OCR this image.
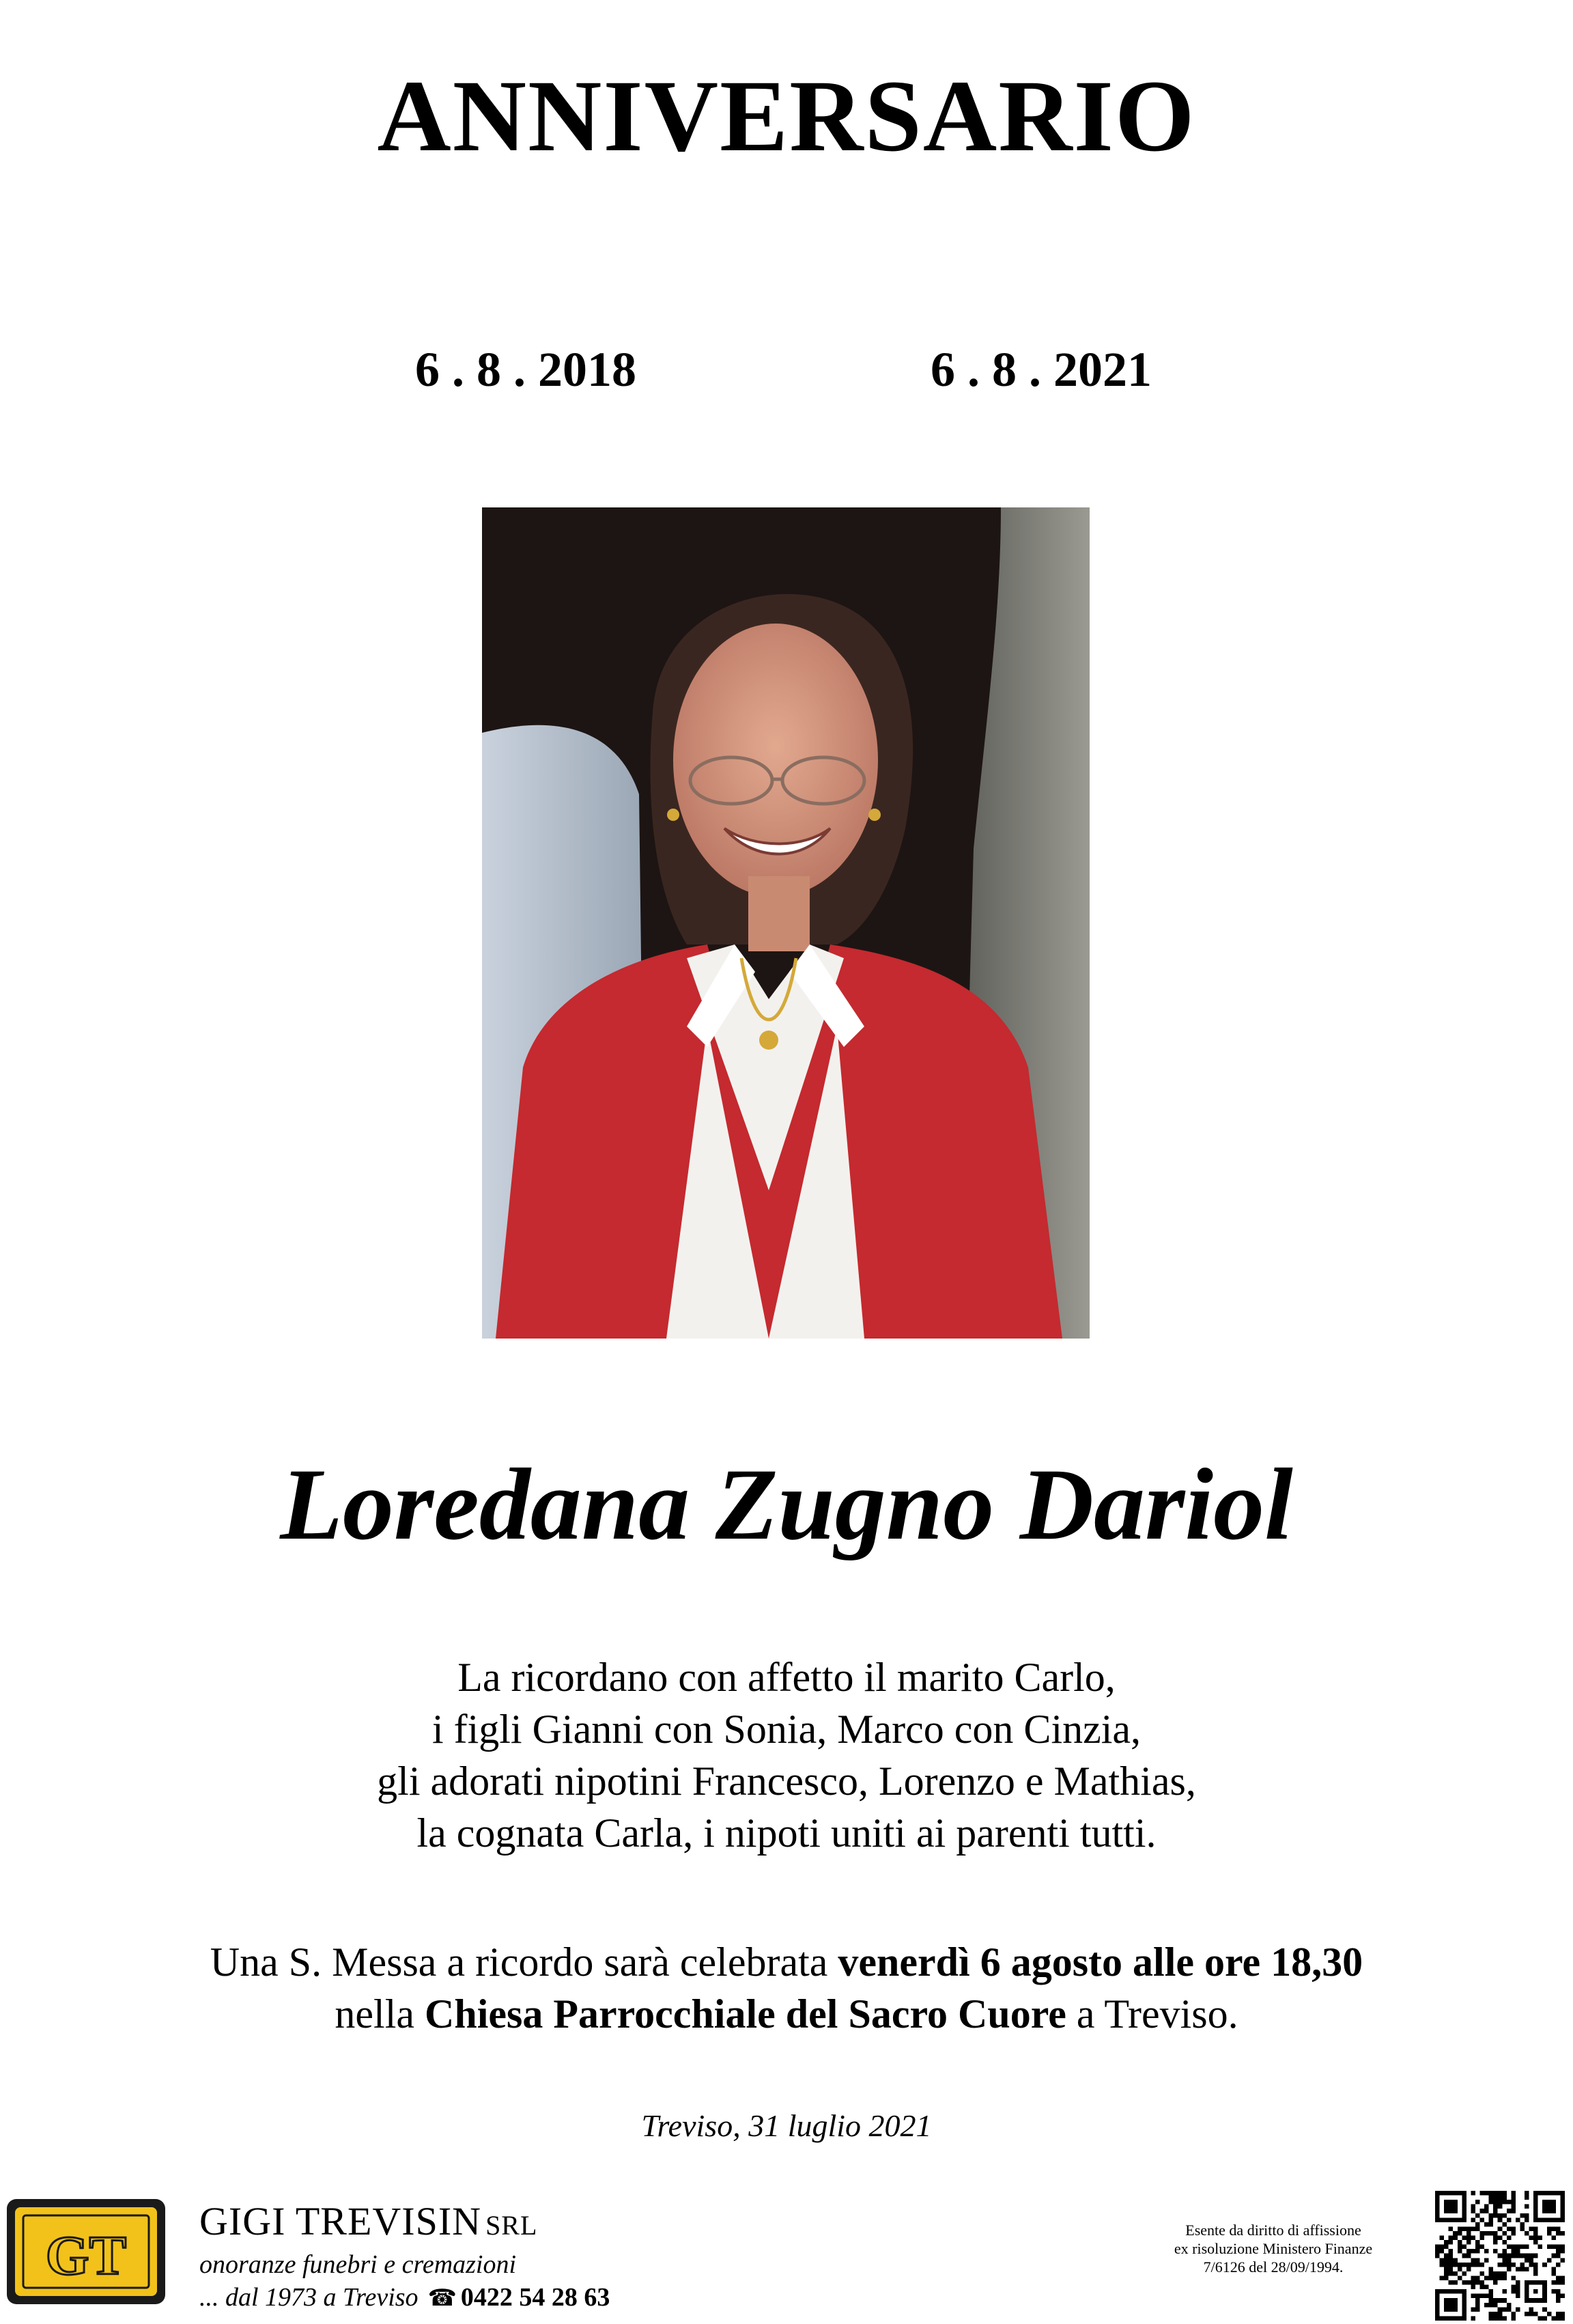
ANNIVERSARIO
6 . 8 . 2018	6 . 8 . 2021
Loredana Zugno Dariol
La ricordano con affetto il marito Carlo,
i figli Gianni con Sonia, Marco con Cinzia,
gli adorati nipotini Francesco, Lorenzo e Mathias,
la cognata Carla, i nipoti uniti ai parenti tutti.
Una S. Messa a ricordo sarà celebrata venerdì 6 agosto alle ore 18,30
nella Chiesa Parrocchiale del Sacro Cuore a Treviso.
Treviso, 31 luglio 2021
GT
GIGI TREVISIN SRL
onoranze funebri e cremazioni
... dal 1973 a Treviso ☎ 0422 54 28 63
Esente da diritto di affissione
ex risoluzione Ministero Finanze
7/6126 del 28/09/1994.
